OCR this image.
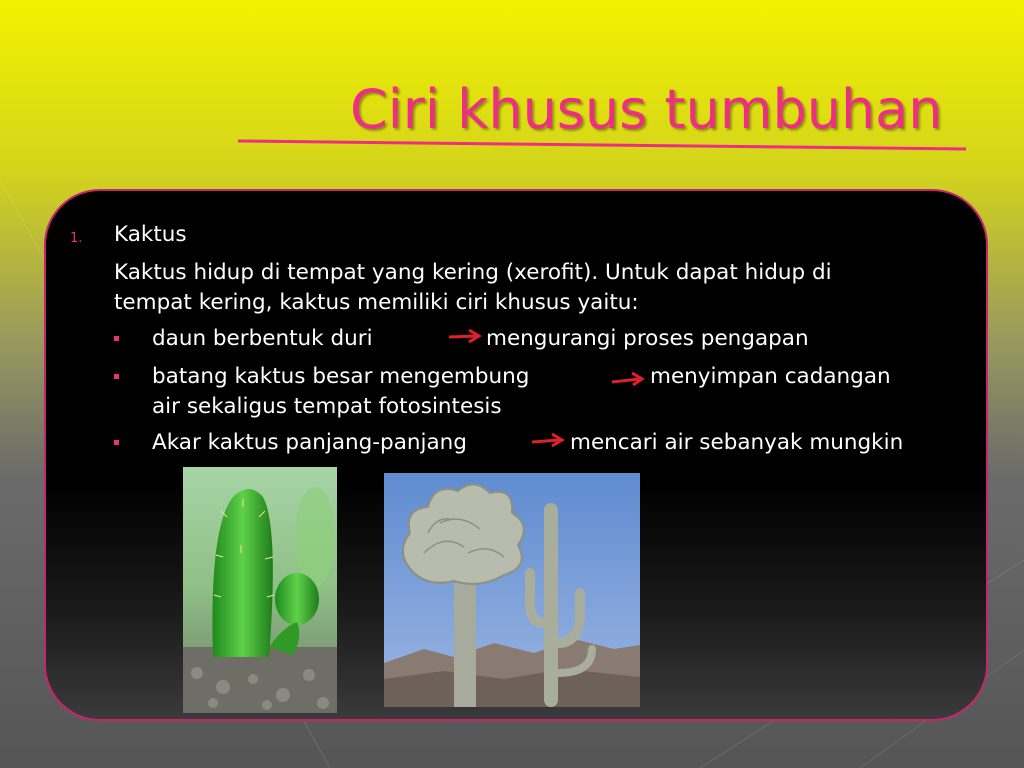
Ciri khusus tumbuhan
1. Kaktus
Kaktus hidup di tempat yang kering (xerofit). Untuk dapat hidup di
tempat kering, kaktus memiliki ciri khusus yaitu:
daun berbentuk duri	mengurangi proses pengapan
batang kaktus besar mengembung	menyimpan cadangan
air sekaligus tempat fotosintesis
Akar kaktus panjang-panjang	mencari air sebanyak mungkin
